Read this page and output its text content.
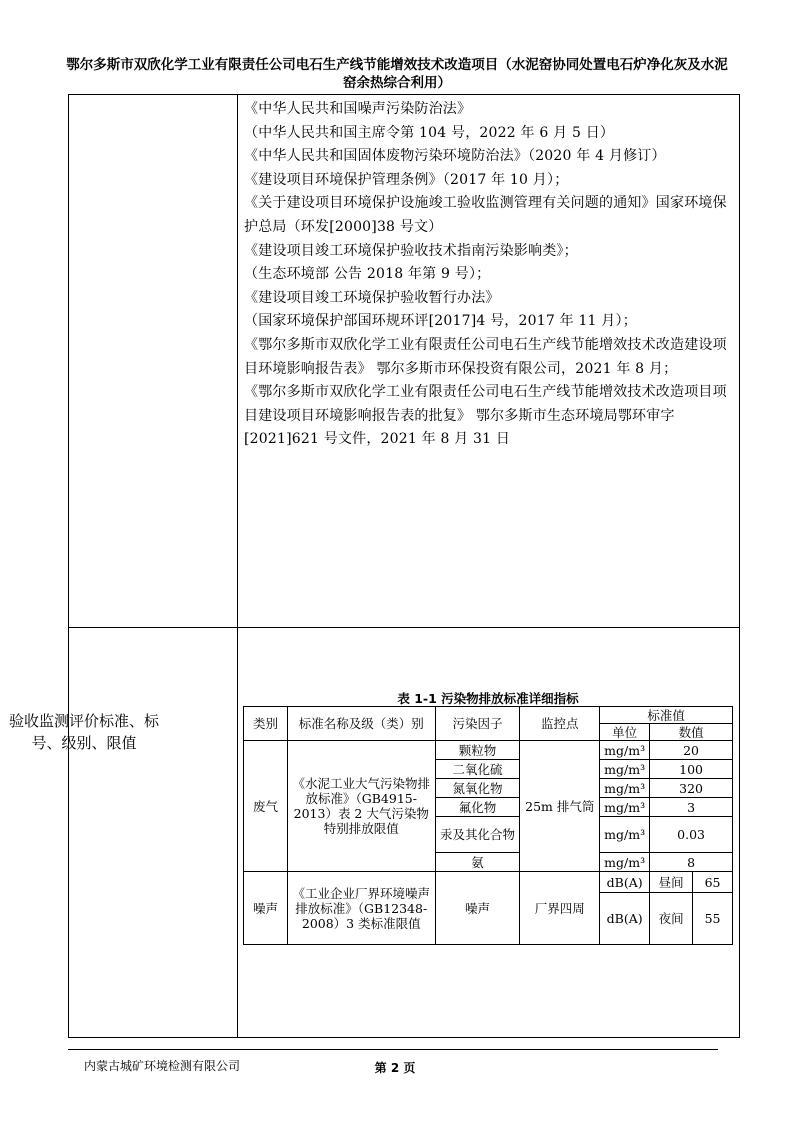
鄂尔多斯市双欣化学工业有限责任公司电石生产线节能增效技术改造项目（水泥窑协同处置电石炉净化灰及水泥窑余热综合利用）

《中华人民共和国噪声污染防治法》

（中华人民共和国主席令第 104 号，2022 年 6 月 5 日）

《中华人民共和国固体废物污染环境防治法》（2020 年 4 月修订）

《建设项目环境保护管理条例》（2017 年 10 月）；

《关于建设项目环境保护设施竣工验收监测管理有关问题的通知》国家环境保护总局（环发[2000]38 号文）

《建设项目竣工环境保护验收技术指南污染影响类》；

（生态环境部 公告 2018 年第 9 号）；

《建设项目竣工环境保护验收暂行办法》

（国家环境保护部国环规环评[2017]4 号，2017 年 11 月）；

《鄂尔多斯市双欣化学工业有限责任公司电石生产线节能增效技术改造建设项目环境影响报告表》 鄂尔多斯市环保投资有限公司，2021 年 8 月；

《鄂尔多斯市双欣化学工业有限责任公司电石生产线节能增效技术改造项目项目建设项目环境影响报告表的批复》 鄂尔多斯市生态环境局鄂环审字[2021]621 号文件，2021 年 8 月 31 日

验收监测评价标准、标号、级别、限值
表 1-1 污染物排放标准详细指标
类别	标准名称及级（类）别	污染因子	监控点	标准值		
				单位	数值	
废气	《水泥工业大气污染物排放标准》（GB4915-2013）表 2 大气污染物特别排放限值	颗粒物	25m 排气筒	mg/m³	20	
		二氧化硫		mg/m³	100	
		氮氧化物		mg/m³	320	
		氟化物		mg/m³	3	
		汞及其化合物		mg/m³	0.03	
		氨		mg/m³	8	
噪声	《工业企业厂界环境噪声排放标准》（GB12348-2008）3 类标准限值	噪声	厂界四周	dB(A)	昼间	65
				dB(A)	夜间	55
内蒙古城矿环境检测有限公司	第 2 页
